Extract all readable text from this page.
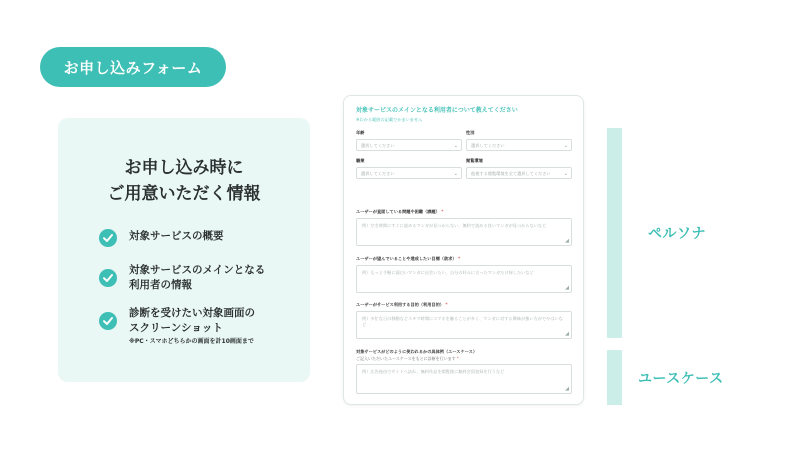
お申し込みフォーム
お申し込み時に
ご用意いただく情報
対象サービスの概要
対象サービスのメインとなる
利用者の情報
診断を受けたい対象画面の
スクリーンショット
※PC・スマホどちらかの画面を計10画面まで
対象サービスのメインとなる利用者について教えてください
※わかる範囲の記載でかまいません
年齢
選択してください	⌄
性別
選択してください	⌄
職業
選択してください	⌄
閲覧環境
他使する閲覧環境を全て選択してください	⌄
ユーザーが直面している問題や困難（課題） *
例）空き時間にすぐに読めるマンガが見つからない、無料で読める良いマンガが見つからないなど
◢
ユーザーが望んでいることや達成したい目標（欲求） *
例）もっと手軽に面白いマンガに出会いたい、自分の好みに合ったマンガだけ探したいなど
◢
ユーザーがサービス利用する目的（利用目的） *
例）多忙な日の移動などスキマ時間にスマホを触ることが多く、マンガに対する興味が強い方がでやはいなど
◢
対象サービスがどのように使われるかの具体例（ユースケース）
ご記入いただいたユースケースをもとに診断を行います *
例）広告経由でサイトへ訪れ、無料作品を閲覧後に無料会員登録を行うなど
◢
ペルソナ
ユースケース
